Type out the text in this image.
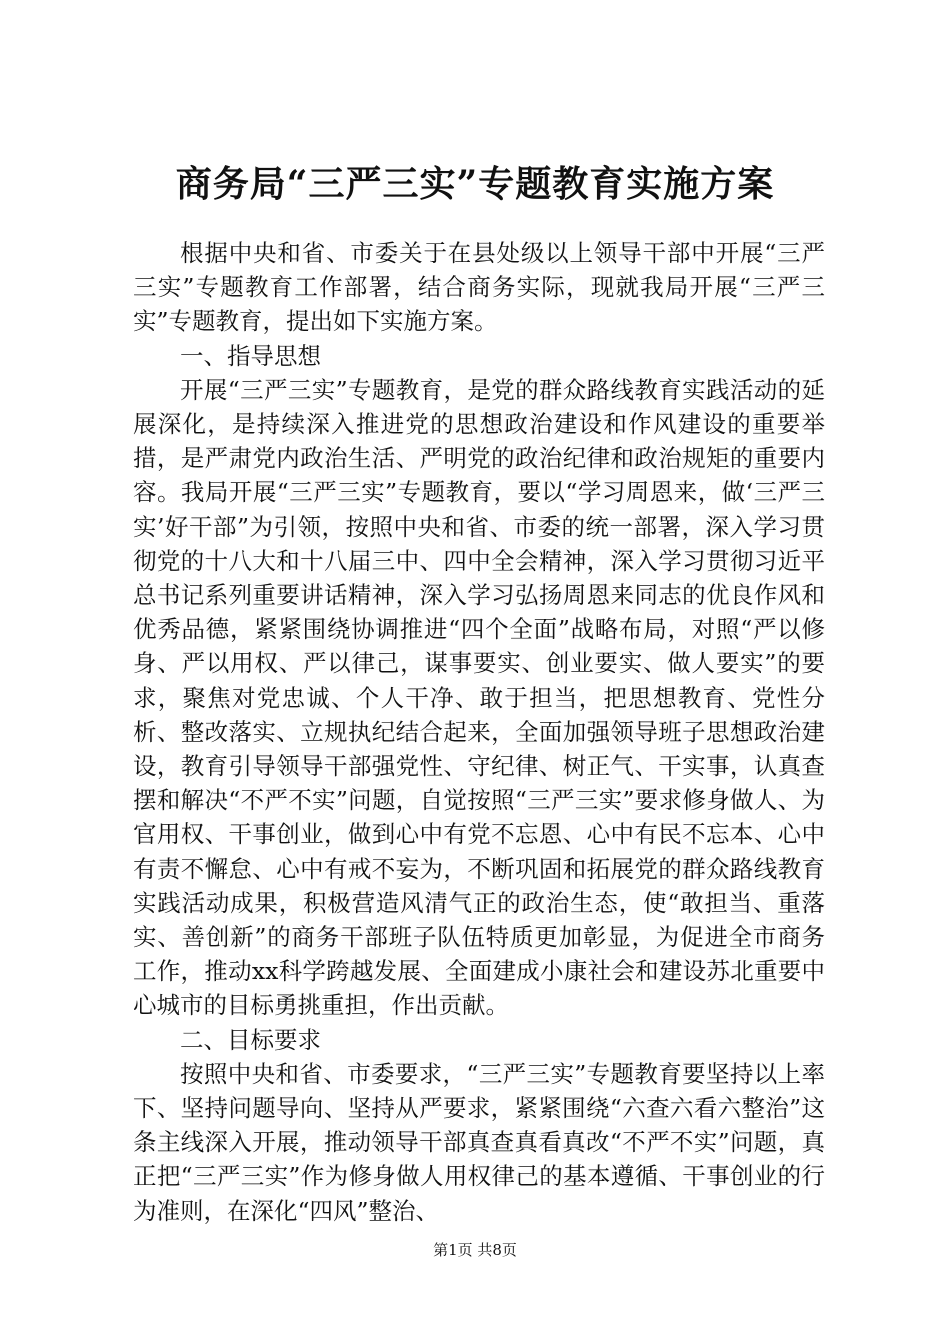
商务局“三严三实”专题教育实施方案

根据中央和省、市委关于在县处级以上领导干部中开展“三严三实”专题教育工作部署，结合商务实际，现就我局开展“三严三实”专题教育，提出如下实施方案。

一、指导思想

开展“三严三实”专题教育，是党的群众路线教育实践活动的延展深化，是持续深入推进党的思想政治建设和作风建设的重要举措，是严肃党内政治生活、严明党的政治纪律和政治规矩的重要内容。我局开展“三严三实”专题教育，要以“学习周恩来，做‘三严三实’好干部”为引领，按照中央和省、市委的统一部署，深入学习贯彻党的十八大和十八届三中、四中全会精神，深入学习贯彻习近平总书记系列重要讲话精神，深入学习弘扬周恩来同志的优良作风和优秀品德，紧紧围绕协调推进“四个全面”战略布局，对照“严以修身、严以用权、严以律己，谋事要实、创业要实、做人要实”的要求，聚焦对党忠诚、个人干净、敢于担当，把思想教育、党性分析、整改落实、立规执纪结合起来，全面加强领导班子思想政治建设，教育引导领导干部强党性、守纪律、树正气、干实事，认真查摆和解决“不严不实”问题，自觉按照“三严三实”要求修身做人、为官用权、干事创业，做到心中有党不忘恩、心中有民不忘本、心中有责不懈怠、心中有戒不妄为，不断巩固和拓展党的群众路线教育实践活动成果，积极营造风清气正的政治生态，使“敢担当、重落实、善创新”的商务干部班子队伍特质更加彰显，为促进全市商务工作，推动xx科学跨越发展、全面建成小康社会和建设苏北重要中心城市的目标勇挑重担，作出贡献。

二、目标要求

按照中央和省、市委要求，“三严三实”专题教育要坚持以上率下、坚持问题导向、坚持从严要求，紧紧围绕“六查六看六整治”这条主线深入开展，推动领导干部真查真看真改“不严不实”问题，真正把“三严三实”作为修身做人用权律己的基本遵循、干事创业的行为准则，在深化“四风”整治、

第1页 共8页
